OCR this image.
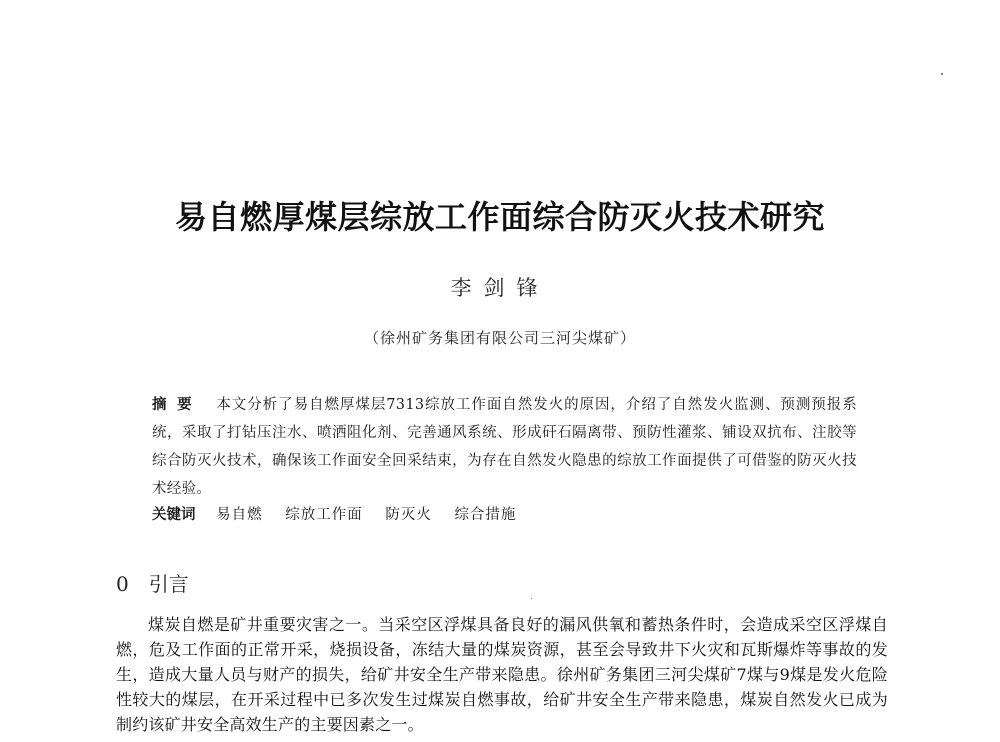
易自燃厚煤层综放工作面综合防灭火技术研究
李剑锋
（徐州矿务集团有限公司三河尖煤矿）
摘要 本文分析了易自燃厚煤层7313综放工作面自然发火的原因，介绍了自然发火监测、预测预报系统，采取了打钻压注水、喷洒阻化剂、完善通风系统、形成矸石隔离带、预防性灌浆、铺设双抗布、注胶等综合防灭火技术，确保该工作面安全回采结束，为存在自然发火隐患的综放工作面提供了可借鉴的防灭火技术经验。
关键词 易自燃 综放工作面 防灭火 综合措施
0 引言
煤炭自燃是矿井重要灾害之一。当采空区浮煤具备良好的漏风供氧和蓄热条件时，会造成采空区浮煤自燃，危及工作面的正常开采，烧损设备，冻结大量的煤炭资源，甚至会导致井下火灾和瓦斯爆炸等事故的发生，造成大量人员与财产的损失，给矿井安全生产带来隐患。徐州矿务集团三河尖煤矿7煤与9煤是发火危险性较大的煤层，在开采过程中已多次发生过煤炭自燃事故，给矿井安全生产带来隐患，煤炭自然发火已成为制约该矿井安全高效生产的主要因素之一。
